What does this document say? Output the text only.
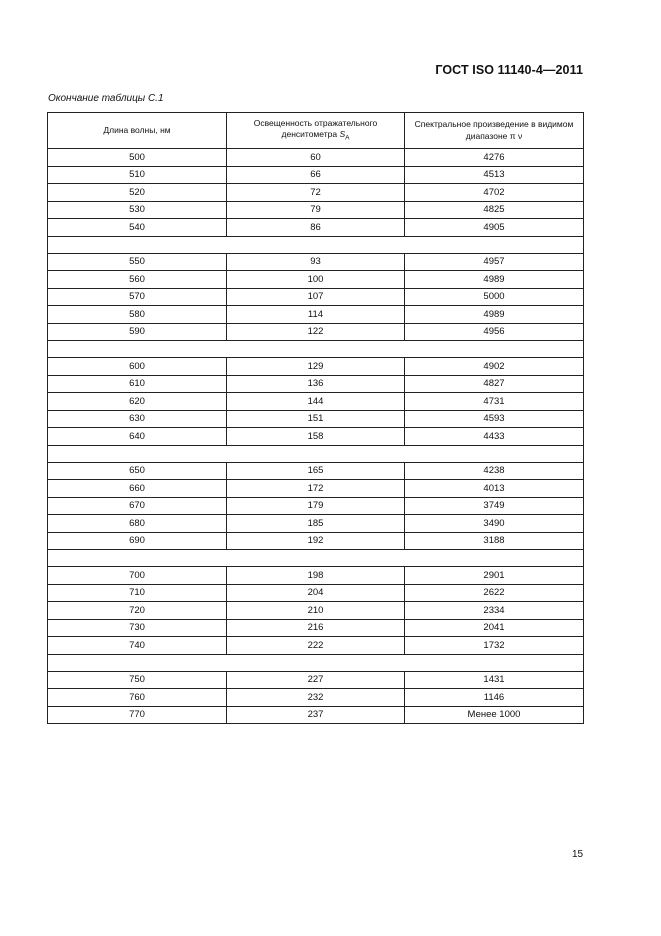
ГОСТ ISO 11140-4—2011
Окончание таблицы С.1
Длина волны, нм	Освещенность отражательного денситометра $S_A$	Спектральное произведение в видимом диапазоне π ν
500	60	4276
510	66	4513
520	72	4702
530	79	4825
540	86	4905

550	93	4957
560	100	4989
570	107	5000
580	114	4989
590	122	4956

600	129	4902
610	136	4827
620	144	4731
630	151	4593
640	158	4433

650	165	4238
660	172	4013
670	179	3749
680	185	3490
690	192	3188

700	198	2901
710	204	2622
720	210	2334
730	216	2041
740	222	1732

750	227	1431
760	232	1146
770	237	Менее 1000
15
